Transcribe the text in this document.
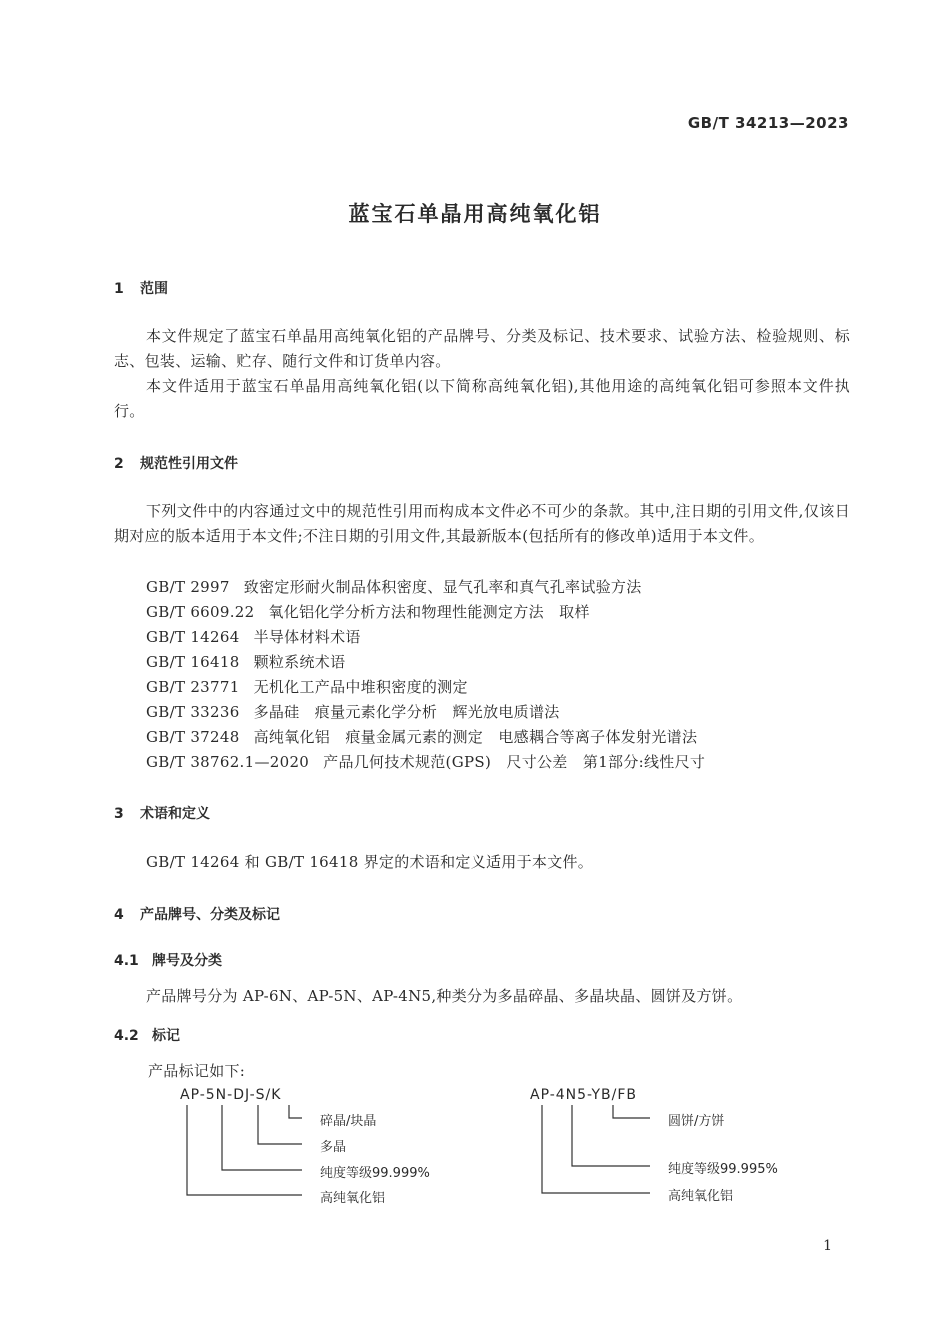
GB/T 34213—2023
蓝宝石单晶用高纯氧化铝
1 范围
本文件规定了蓝宝石单晶用高纯氧化铝的产品牌号、分类及标记、技术要求、试验方法、检验规则、标志、包装、运输、贮存、随行文件和订货单内容。
本文件适用于蓝宝石单晶用高纯氧化铝(以下简称高纯氧化铝),其他用途的高纯氧化铝可参照本文件执行。
2 规范性引用文件
下列文件中的内容通过文中的规范性引用而构成本文件必不可少的条款。其中,注日期的引用文件,仅该日期对应的版本适用于本文件;不注日期的引用文件,其最新版本(包括所有的修改单)适用于本文件。
GB/T 2997 致密定形耐火制品体积密度、显气孔率和真气孔率试验方法
GB/T 6609.22 氧化铝化学分析方法和物理性能测定方法　取样
GB/T 14264 半导体材料术语
GB/T 16418 颗粒系统术语
GB/T 23771 无机化工产品中堆积密度的测定
GB/T 33236 多晶硅　痕量元素化学分析　辉光放电质谱法
GB/T 37248 高纯氧化铝　痕量金属元素的测定　电感耦合等离子体发射光谱法
GB/T 38762.1—2020 产品几何技术规范(GPS)　尺寸公差　第1部分:线性尺寸
3 术语和定义
GB/T 14264 和 GB/T 16418 界定的术语和定义适用于本文件。
4 产品牌号、分类及标记
4.1 牌号及分类
产品牌号分为 AP-6N、AP-5N、AP-4N5,种类分为多晶碎晶、多晶块晶、圆饼及方饼。
4.2 标记
产品标记如下:
AP-5N-DJ-S/K	AP-4N5-YB/FB
碎晶/块晶
多晶
纯度等级99.999%
高纯氧化铝
圆饼/方饼
纯度等级99.995%
高纯氧化铝
1
